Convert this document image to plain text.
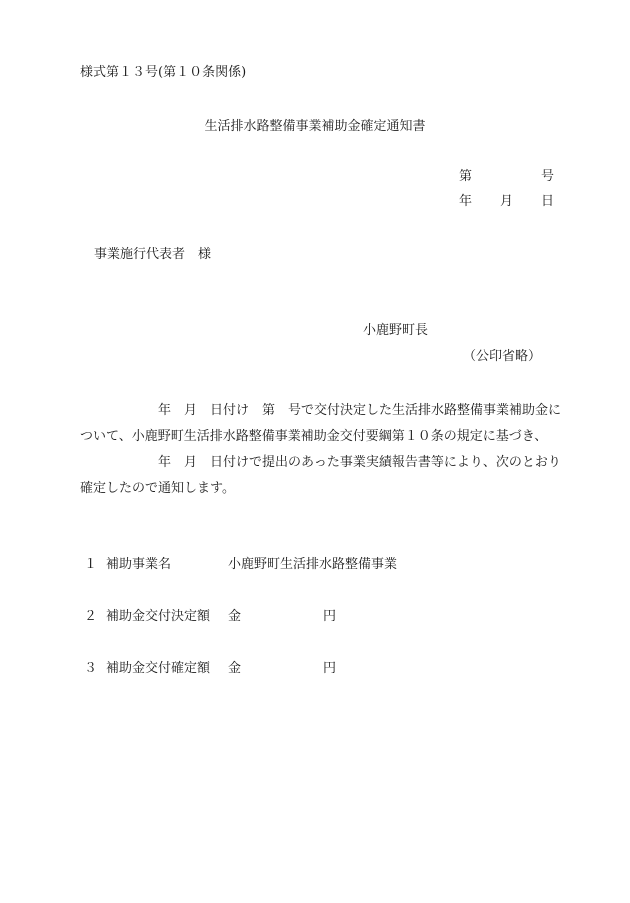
様式第１３号(第１０条関係)
生活排水路整備事業補助金確定通知書
第	号
年 月 日
事業施行代表者　様
小鹿野町長
（公印省略）
　　　　　　年　月　日付け　第　号で交付決定した生活排水路整備事業補助金に
ついて、小鹿野町生活排水路整備事業補助金交付要綱第１０条の規定に基づき、
　　　　　　年　月　日付けで提出のあった事業実績報告書等により、次のとおり
確定したので通知します。
１ 補助事業名	小鹿野町生活排水路整備事業
２ 補助金交付決定額 金	円
３ 補助金交付確定額 金	円
